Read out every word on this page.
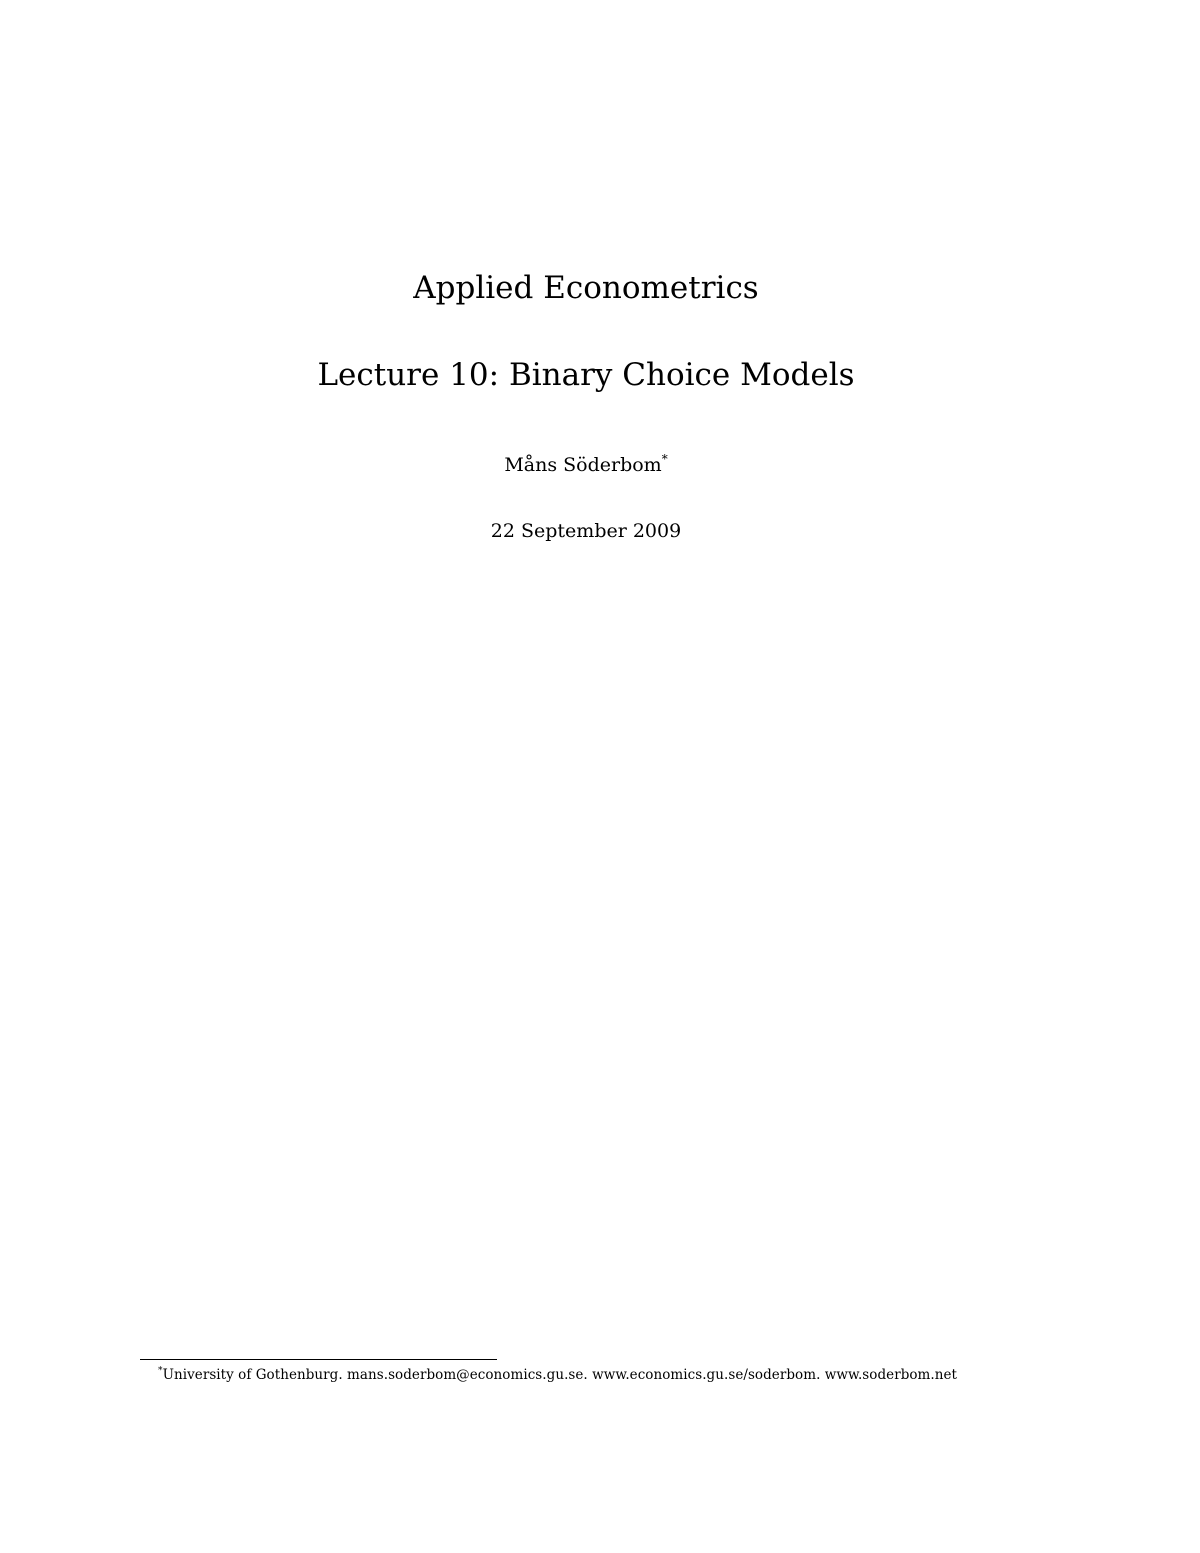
Applied Econometrics
Lecture 10: Binary Choice Models
Måns Söderbom*
22 September 2009
*University of Gothenburg. mans.soderbom@economics.gu.se. www.economics.gu.se/soderbom. www.soderbom.net
